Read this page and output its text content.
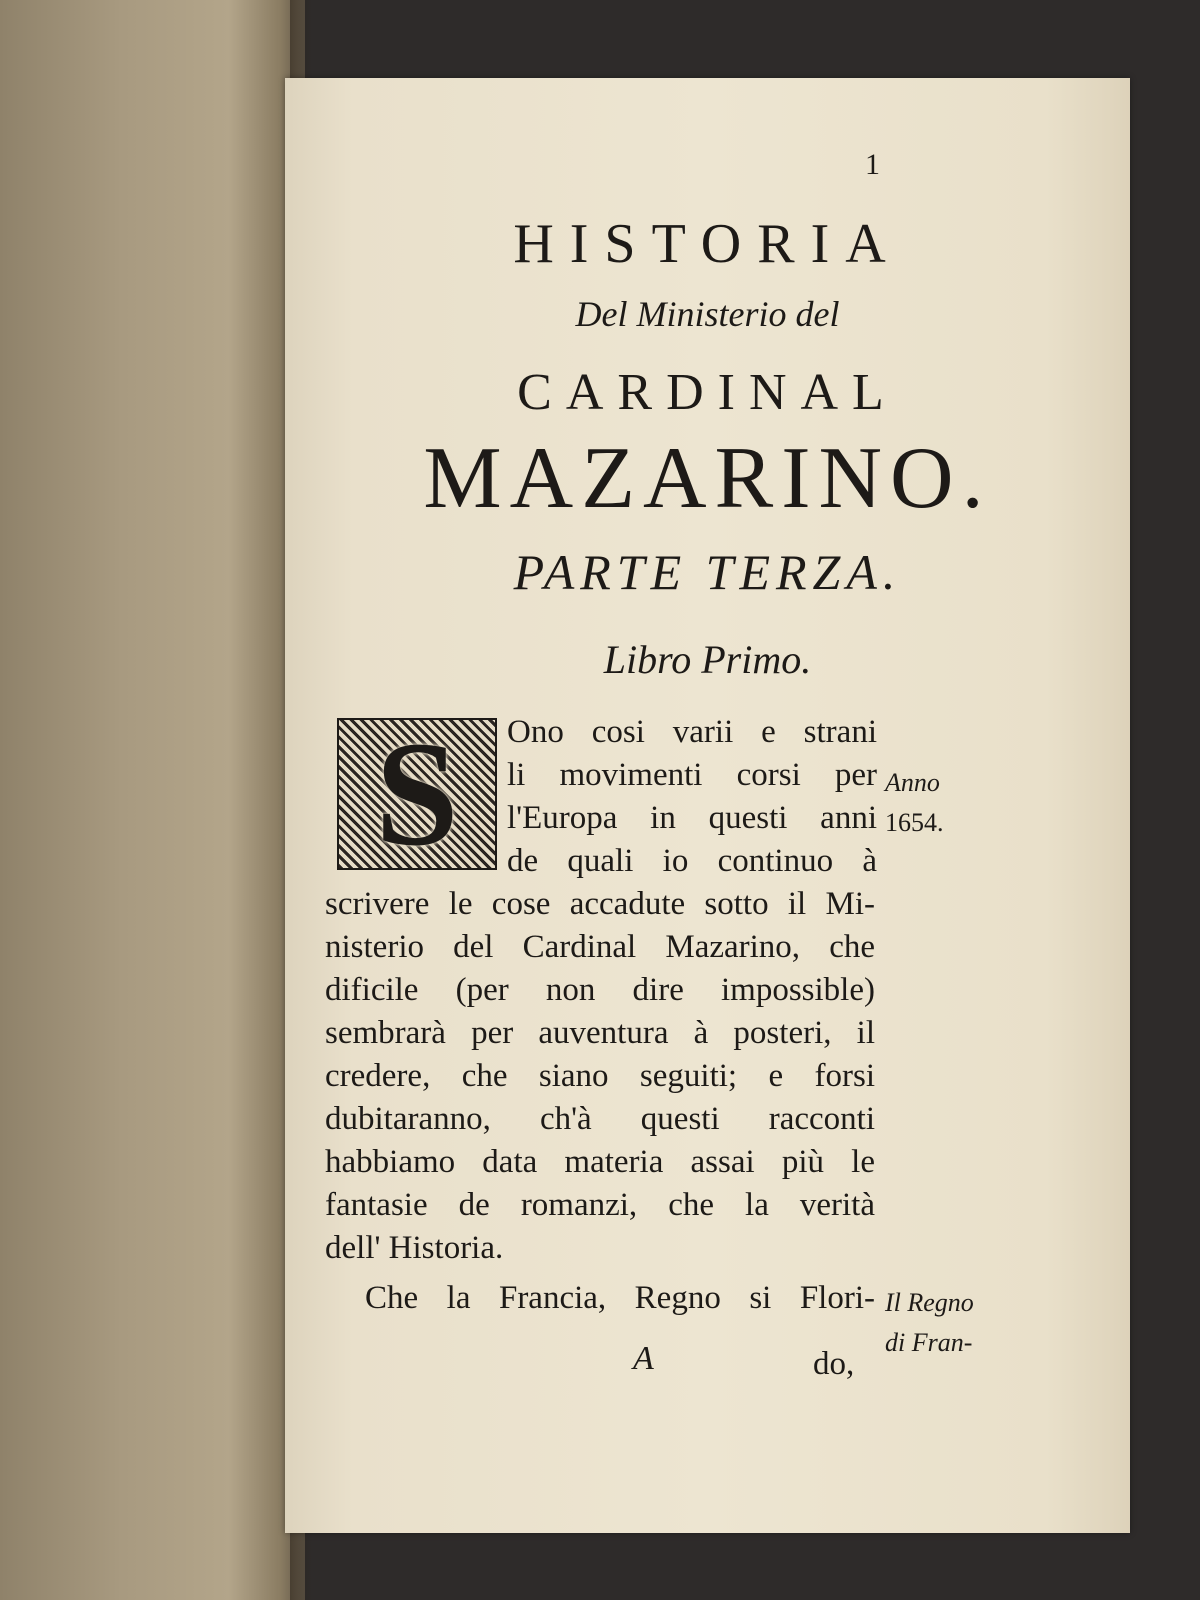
1
HISTORIA
Del Ministerio del
CARDINAL
MAZARINO.
PARTE TERZA.
Libro Primo.
S	Ono cosi varii e strani
li movimenti corsi per
l'Europa in questi anni
de quali io continuo à
scrivere le cose accadute sotto il Mi-
nisterio del Cardinal Mazarino, che
dificile (per non dire impossible)
sembrarà per auventura à posteri, il
credere, che siano seguiti; e forsi
dubitaranno, ch'à questi racconti
habbiamo data materia assai più le
fantasie de romanzi, che la verità
dell' Historia.
Che la Francia, Regno si Flori-
Anno
1654.
Il Regno
di Fran-
A	do,
